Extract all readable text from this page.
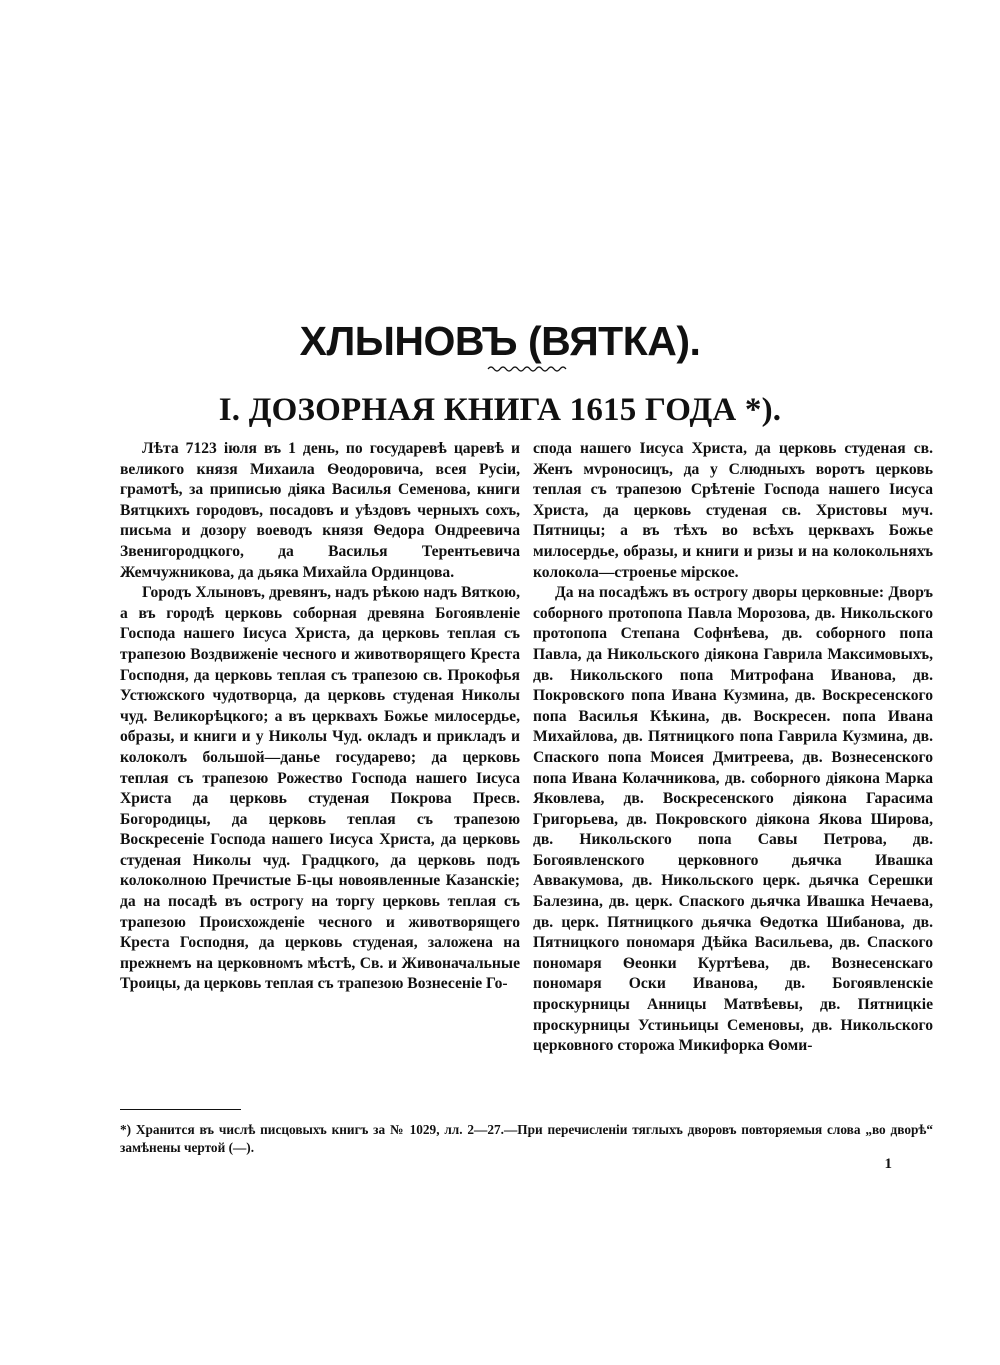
ХЛЫНОВЪ (ВЯТКА).
I. ДОЗОРНАЯ КНИГА 1615 ГОДА *).

Лѣта 7123 iюля въ 1 день, по государевѣ царевѣ и великого князя Михаила Ѳеодоровича, всея Русiи, грамотѣ, за приписью дiяка Василья Семенова, книги Вятцкихъ городовъ, посадовъ и уѣздовъ черныхъ сохъ, письма и дозору воеводъ князя Ѳедора Ондреевича Звенигородцкого, да Василья Терентьевича Жемчужникова, да дьяка Михайла Ординцова.

Городъ Хлыновъ, древянъ, надъ рѣкою надъ Вяткою, а въ городѣ церковь соборная древяна Богоявленiе Господа нашего Iисуса Христа, да церковь теплая съ трапезою Воздвиженiе чесного и животворящего Креста Господня, да церковь теплая съ трапезою св. Прокофья Устюжского чудотворца, да церковь студеная Николы чуд. Великорѣцкого; а въ церквахъ Божье милосердье, образы, и книги и у Николы Чуд. окладъ и прикладъ и колоколъ большой—данье государево; да церковь теплая съ трапезою Рожество Господа нашего Iисуса Христа да церковь студеная Покрова Пресв. Богородицы, да церковь теплая съ трапезою Воскресенiе Господа нашего Iисуса Христа, да церковь студеная Николы чуд. Градцкого, да церковь подъ колоколною Пречистые Б-цы новоявленные Казанскiе; да на посадѣ въ острогу на торгу церковь теплая съ трапезою Происхожденiе чесного и животворящего Креста Господня, да церковь студеная, заложена на прежнемъ на церковномъ мѣстѣ, Св. и Живоначальные Троицы, да церковь теплая съ трапезою Вознесенiе Го-

спода нашего Iисуса Христа, да церковь студеная св. Женъ мvроносицъ, да у Слюдныхъ воротъ церковь теплая съ трапезою Срѣтенiе Господа нашего Iисуса Христа, да церковь студеная св. Христовы муч. Пятницы; а въ тѣхъ во всѣхъ церквахъ Божье милосердье, образы, и книги и ризы и на колокольняхъ колокола—строенье мiрское.

Да на посадѣжъ въ острогу дворы церковные: Дворъ соборного протопопа Павла Морозова, дв. Никольского протопопа Степана Софнѣева, дв. соборного попа Павла, да Никольского дiякона Гаврила Максимовыхъ, дв. Никольского попа Митрофана Иванова, дв. Покровского попа Ивана Кузмина, дв. Воскресенского попа Василья Кѣкина, дв. Воскресен. попа Ивана Михайлова, дв. Пятницкого попа Гаврила Кузмина, дв. Спаского попа Моисея Дмитреева, дв. Вознесенского попа Ивана Колачникова, дв. соборного дiякона Марка Яковлева, дв. Воскресенского дiякона Гарасима Григорьева, дв. Покровского дiякона Якова Широва, дв. Никольского попа Савы Петрова, дв. Богоявленского церковного дьячка Ивашка Аввакумова, дв. Никольского церк. дьячка Серешки Балезина, дв. церк. Спаского дьячка Ивашка Нечаева, дв. церк. Пятницкого дьячка Ѳедотка Шибанова, дв. Пятницкого пономаря Дѣйка Васильева, дв. Спаского пономаря Ѳеонки Куртѣева, дв. Вознесенскаго пономаря Оски Иванова, дв. Богоявленскiе проскурницы Анницы Матвѣевы, дв. Пятницкiе проскурницы Устиньицы Семеновы, дв. Никольского церковного сторожа Микифорка Ѳоми-

*) Хранится въ числѣ писцовыхъ книгъ за № 1029, лл. 2—27.—При перечисленiи тяглыхъ дворовъ повторяемыя слова „во дворѣ“ замѣнены чертой (—).

1
